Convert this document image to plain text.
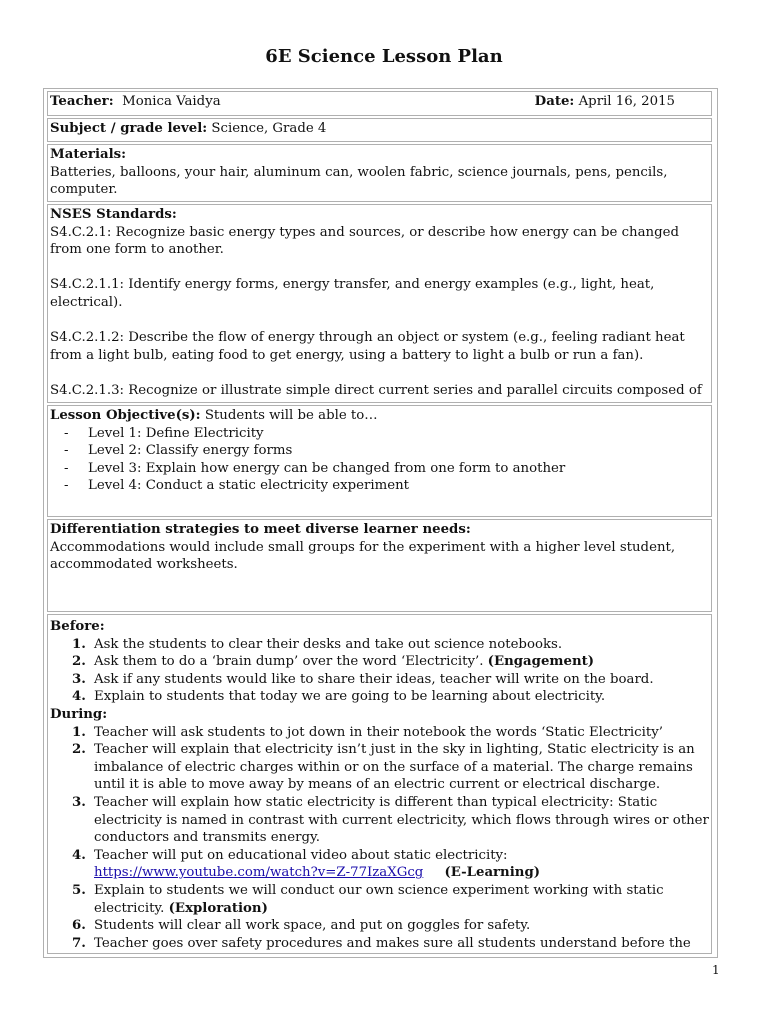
6E Science Lesson Plan
Teacher: Monica Vaidya	Date: April 16, 2015
Subject / grade level: Science, Grade 4

Materials:

Batteries, balloons, your hair, aluminum can, woolen fabric, science journals, pens, pencils, computer.

NSES Standards:

S4.C.2.1: Recognize basic energy types and sources, or describe how energy can be changed from one form to another.

S4.C.2.1.1: Identify energy forms, energy transfer, and energy examples (e.g., light, heat, electrical).

S4.C.2.1.2: Describe the flow of energy through an object or system (e.g., feeling radiant heat from a light bulb, eating food to get energy, using a battery to light a bulb or run a fan).

S4.C.2.1.3: Recognize or illustrate simple direct current series and parallel circuits composed of

Lesson Objective(s): Students will be able to…

- Level 1: Define Electricity
- Level 2: Classify energy forms
- Level 3: Explain how energy can be changed from one form to another
- Level 4: Conduct a static electricity experiment

Differentiation strategies to meet diverse learner needs:

Accommodations would include small groups for the experiment with a higher level student, accommodated worksheets.

Before:

1. Ask the students to clear their desks and take out science notebooks.
2. Ask them to do a ‘brain dump’ over the word ‘Electricity’. (Engagement)
3. Ask if any students would like to share their ideas, teacher will write on the board.
4. Explain to students that today we are going to be learning about electricity.

During:

1. Teacher will ask students to jot down in their notebook the words ‘Static Electricity’
2. Teacher will explain that electricity isn’t just in the sky in lighting, Static electricity is an imbalance of electric charges within or on the surface of a material. The charge remains until it is able to move away by means of an electric current or electrical discharge.
3. Teacher will explain how static electricity is different than typical electricity: Static electricity is named in contrast with current electricity, which flows through wires or other conductors and transmits energy.
4. Teacher will put on educational video about static electricity:
https://www.youtube.com/watch?v=Z-77IzaXGcg (E-Learning)
5. Explain to students we will conduct our own science experiment working with static electricity. (Exploration)
6. Students will clear all work space, and put on goggles for safety.
7. Teacher goes over safety procedures and makes sure all students understand before the
1
